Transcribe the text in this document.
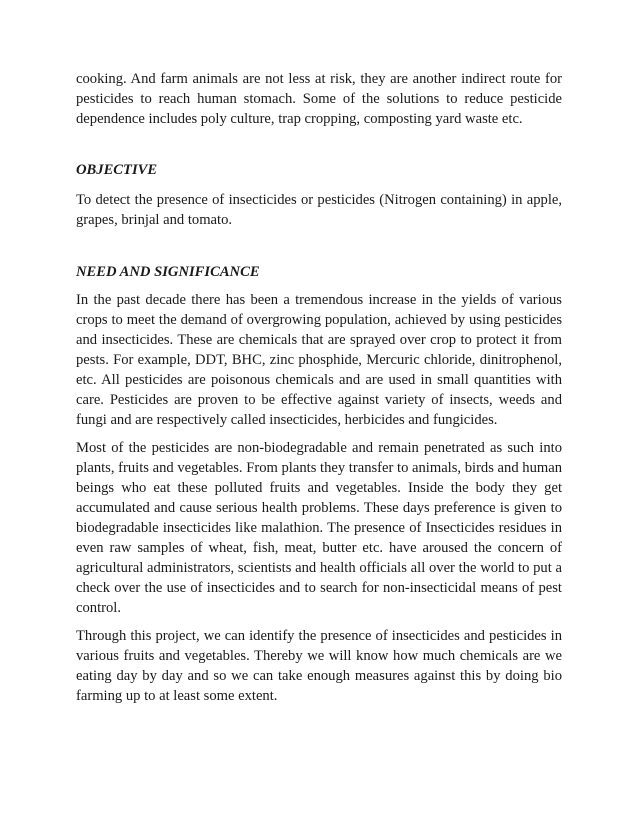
cooking. And farm animals are not less at risk, they are another indirect route for pesticides to reach human stomach. Some of the solutions to reduce pesticide dependence includes poly culture, trap cropping, composting yard waste etc.

OBJECTIVE

To detect the presence of insecticides or pesticides (Nitrogen containing) in apple, grapes, brinjal and tomato.

NEED AND SIGNIFICANCE

In the past decade there has been a tremendous increase in the yields of various crops to meet the demand of overgrowing population, achieved by using pesticides and insecticides. These are chemicals that are sprayed over crop to protect it from pests. For example, DDT, BHC, zinc phosphide, Mercuric chloride, dinitrophenol, etc. All pesticides are poisonous chemicals and are used in small quantities with care. Pesticides are proven to be effective against variety of insects, weeds and fungi and are respectively called insecticides, herbicides and fungicides.

Most of the pesticides are non-biodegradable and remain penetrated as such into plants, fruits and vegetables. From plants they transfer to animals, birds and human beings who eat these polluted fruits and vegetables. Inside the body they get accumulated and cause serious health problems. These days preference is given to biodegradable insecticides like malathion. The presence of Insecticides residues in even raw samples of wheat, fish, meat, butter etc. have aroused the concern of agricultural administrators, scientists and health officials all over the world to put a check over the use of insecticides and to search for non-insecticidal means of pest control.

Through this project, we can identify the presence of insecticides and pesticides in various fruits and vegetables. Thereby we will know how much chemicals are we eating day by day and so we can take enough measures against this by doing bio farming up to at least some extent.
